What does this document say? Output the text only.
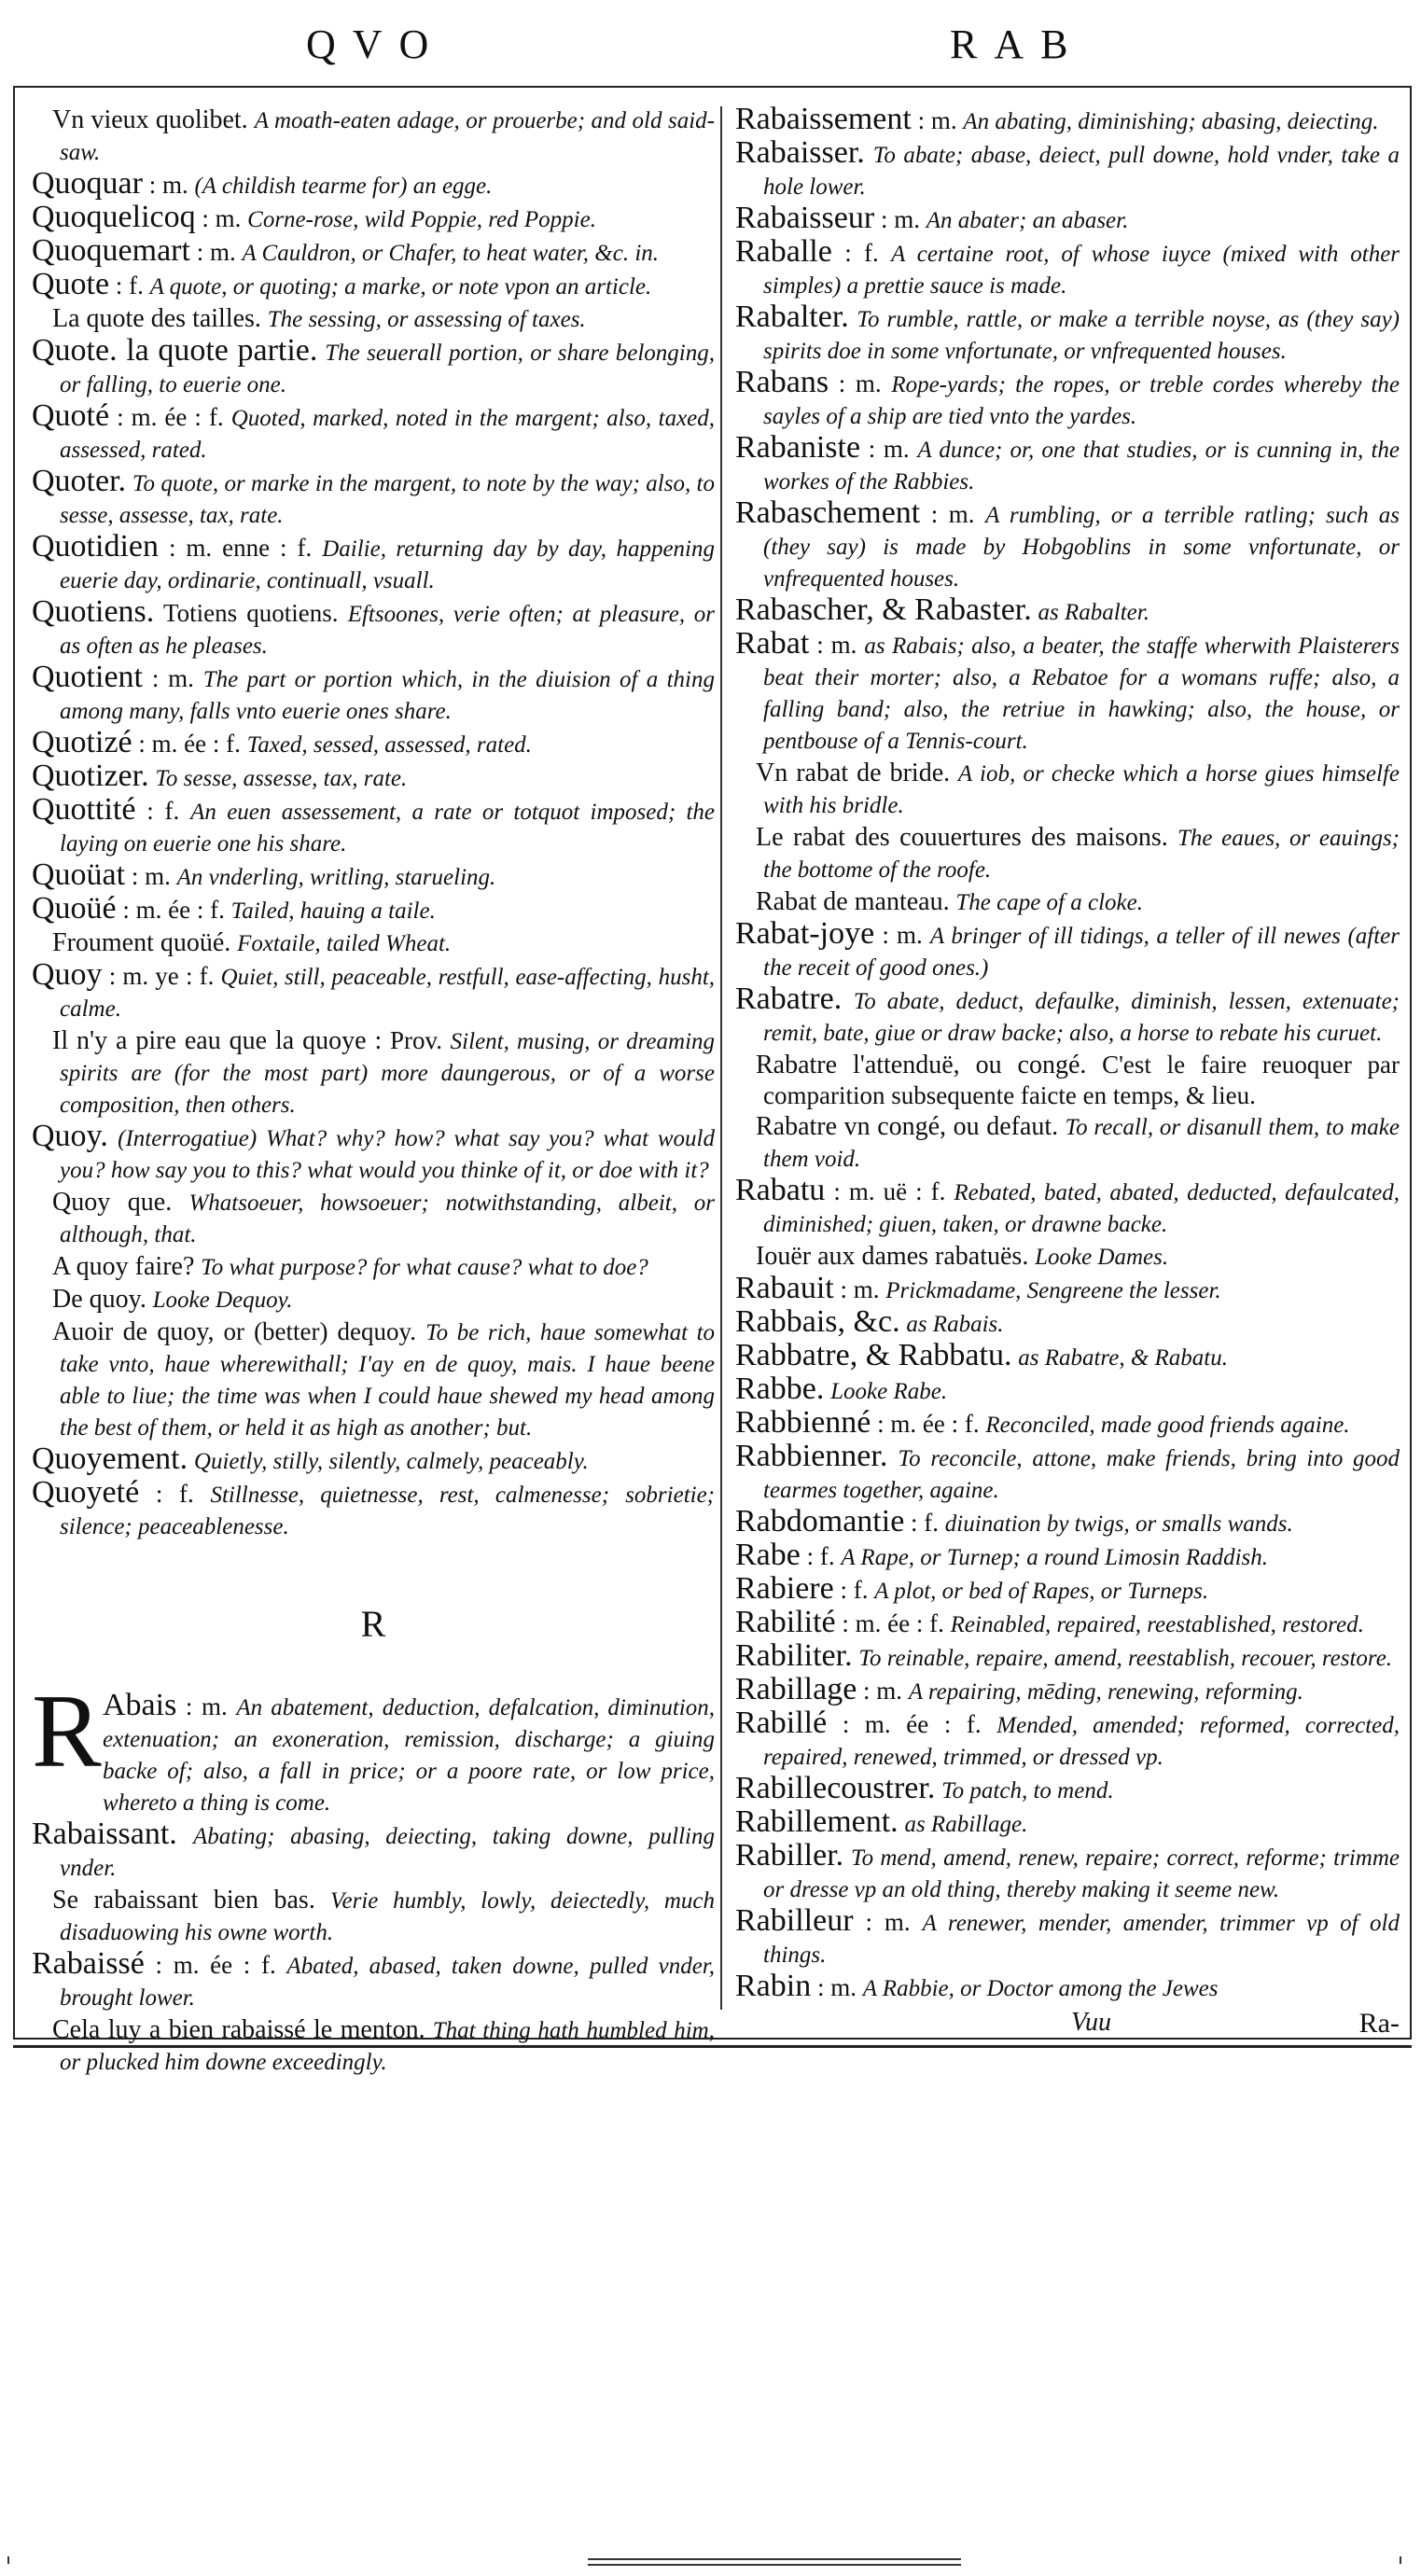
QVO	RAB

Vn vieux quolibet. A moath-eaten adage, or prouerbe; and old said-saw.

Quoquar : m. (A childish tearme for) an egge.

Quoquelicoq : m. Corne-rose, wild Poppie, red Poppie.

Quoquemart : m. A Cauldron, or Chafer, to heat water, &c. in.

Quote : f. A quote, or quoting; a marke, or note vpon an article.

La quote des tailles. The sessing, or assessing of taxes.

Quote. la quote partie. The seuerall portion, or share belonging, or falling, to euerie one.

Quoté : m. ée : f. Quoted, marked, noted in the margent; also, taxed, assessed, rated.

Quoter. To quote, or marke in the margent, to note by the way; also, to sesse, assesse, tax, rate.

Quotidien : m. enne : f. Dailie, returning day by day, happening euerie day, ordinarie, continuall, vsuall.

Quotiens. Totiens quotiens. Eftsoones, verie often; at pleasure, or as often as he pleases.

Quotient : m. The part or portion which, in the diuision of a thing among many, falls vnto euerie ones share.

Quotizé : m. ée : f. Taxed, sessed, assessed, rated.

Quotizer. To sesse, assesse, tax, rate.

Quottité : f. An euen assessement, a rate or totquot imposed; the laying on euerie one his share.

Quoüat : m. An vnderling, writling, starueling.

Quoüé : m. ée : f. Tailed, hauing a taile.

Froument quoüé. Foxtaile, tailed Wheat.

Quoy : m. ye : f. Quiet, still, peaceable, restfull, ease-affecting, husht, calme.

Il n'y a pire eau que la quoye : Prov. Silent, musing, or dreaming spirits are (for the most part) more daungerous, or of a worse composition, then others.

Quoy. (Interrogatiue) What? why? how? what say you? what would you? how say you to this? what would you thinke of it, or doe with it?

Quoy que. Whatsoeuer, howsoeuer; notwithstanding, albeit, or although, that.

A quoy faire? To what purpose? for what cause? what to doe?

De quoy. Looke Dequoy.

Auoir de quoy, or (better) dequoy. To be rich, haue somewhat to take vnto, haue wherewithall; I'ay en de quoy, mais. I haue beene able to liue; the time was when I could haue shewed my head among the best of them, or held it as high as another; but.

Quoyement. Quietly, stilly, silently, calmely, peaceably.

Quoyeté : f. Stillnesse, quietnesse, rest, calmenesse; sobrietie; silence; peaceablenesse.

R

R Abais : m. An abatement, deduction, defalcation, diminution, extenuation; an exoneration, remission, discharge; a giuing backe of; also, a fall in price; or a poore rate, or low price, whereto a thing is come.

Rabaissant. Abating; abasing, deiecting, taking downe, pulling vnder.

Se rabaissant bien bas. Verie humbly, lowly, deiectedly, much disaduowing his owne worth.

Rabaissé : m. ée : f. Abated, abased, taken downe, pulled vnder, brought lower.

Cela luy a bien rabaissé le menton. That thing hath humbled him, or plucked him downe exceedingly.

Rabaissement : m. An abating, diminishing; abasing, deiecting.

Rabaisser. To abate; abase, deiect, pull downe, hold vnder, take a hole lower.

Rabaisseur : m. An abater; an abaser.

Raballe : f. A certaine root, of whose iuyce (mixed with other simples) a prettie sauce is made.

Rabalter. To rumble, rattle, or make a terrible noyse, as (they say) spirits doe in some vnfortunate, or vnfrequented houses.

Rabans : m. Rope-yards; the ropes, or treble cordes whereby the sayles of a ship are tied vnto the yardes.

Rabaniste : m. A dunce; or, one that studies, or is cunning in, the workes of the Rabbies.

Rabaschement : m. A rumbling, or a terrible ratling; such as (they say) is made by Hobgoblins in some vnfortunate, or vnfrequented houses.

Rabascher, & Rabaster. as Rabalter.

Rabat : m. as Rabais; also, a beater, the staffe wherwith Plaisterers beat their morter; also, a Rebatoe for a womans ruffe; also, a falling band; also, the retriue in hawking; also, the house, or pentbouse of a Tennis-court.

Vn rabat de bride. A iob, or checke which a horse giues himselfe with his bridle.

Le rabat des couuertures des maisons. The eaues, or eauings; the bottome of the roofe.

Rabat de manteau. The cape of a cloke.

Rabat-joye : m. A bringer of ill tidings, a teller of ill newes (after the receit of good ones.)

Rabatre. To abate, deduct, defaulke, diminish, lessen, extenuate; remit, bate, giue or draw backe; also, a horse to rebate his curuet.

Rabatre l'attenduë, ou congé. C'est le faire reuoquer par comparition subsequente faicte en temps, & lieu.

Rabatre vn congé, ou defaut. To recall, or disanull them, to make them void.

Rabatu : m. uë : f. Rebated, bated, abated, deducted, defaulcated, diminished; giuen, taken, or drawne backe.

Iouër aux dames rabatuës. Looke Dames.

Rabauit : m. Prickmadame, Sengreene the lesser.

Rabbais, &c. as Rabais.

Rabbatre, & Rabbatu. as Rabatre, & Rabatu.

Rabbe. Looke Rabe.

Rabbienné : m. ée : f. Reconciled, made good friends againe.

Rabbienner. To reconcile, attone, make friends, bring into good tearmes together, againe.

Rabdomantie : f. diuination by twigs, or smalls wands.

Rabe : f. A Rape, or Turnep; a round Limosin Raddish.

Rabiere : f. A plot, or bed of Rapes, or Turneps.

Rabilité : m. ée : f. Reinabled, repaired, reestablished, restored.

Rabiliter. To reinable, repaire, amend, reestablish, recouer, restore.

Rabillage : m. A repairing, mēding, renewing, reforming.

Rabillé : m. ée : f. Mended, amended; reformed, corrected, repaired, renewed, trimmed, or dressed vp.

Rabillecoustrer. To patch, to mend.

Rabillement. as Rabillage.

Rabiller. To mend, amend, renew, repaire; correct, reforme; trimme or dresse vp an old thing, thereby making it seeme new.

Rabilleur : m. A renewer, mender, amender, trimmer vp of old things.

Rabin : m. A Rabbie, or Doctor among the Jewes

Vuu	Ra-
